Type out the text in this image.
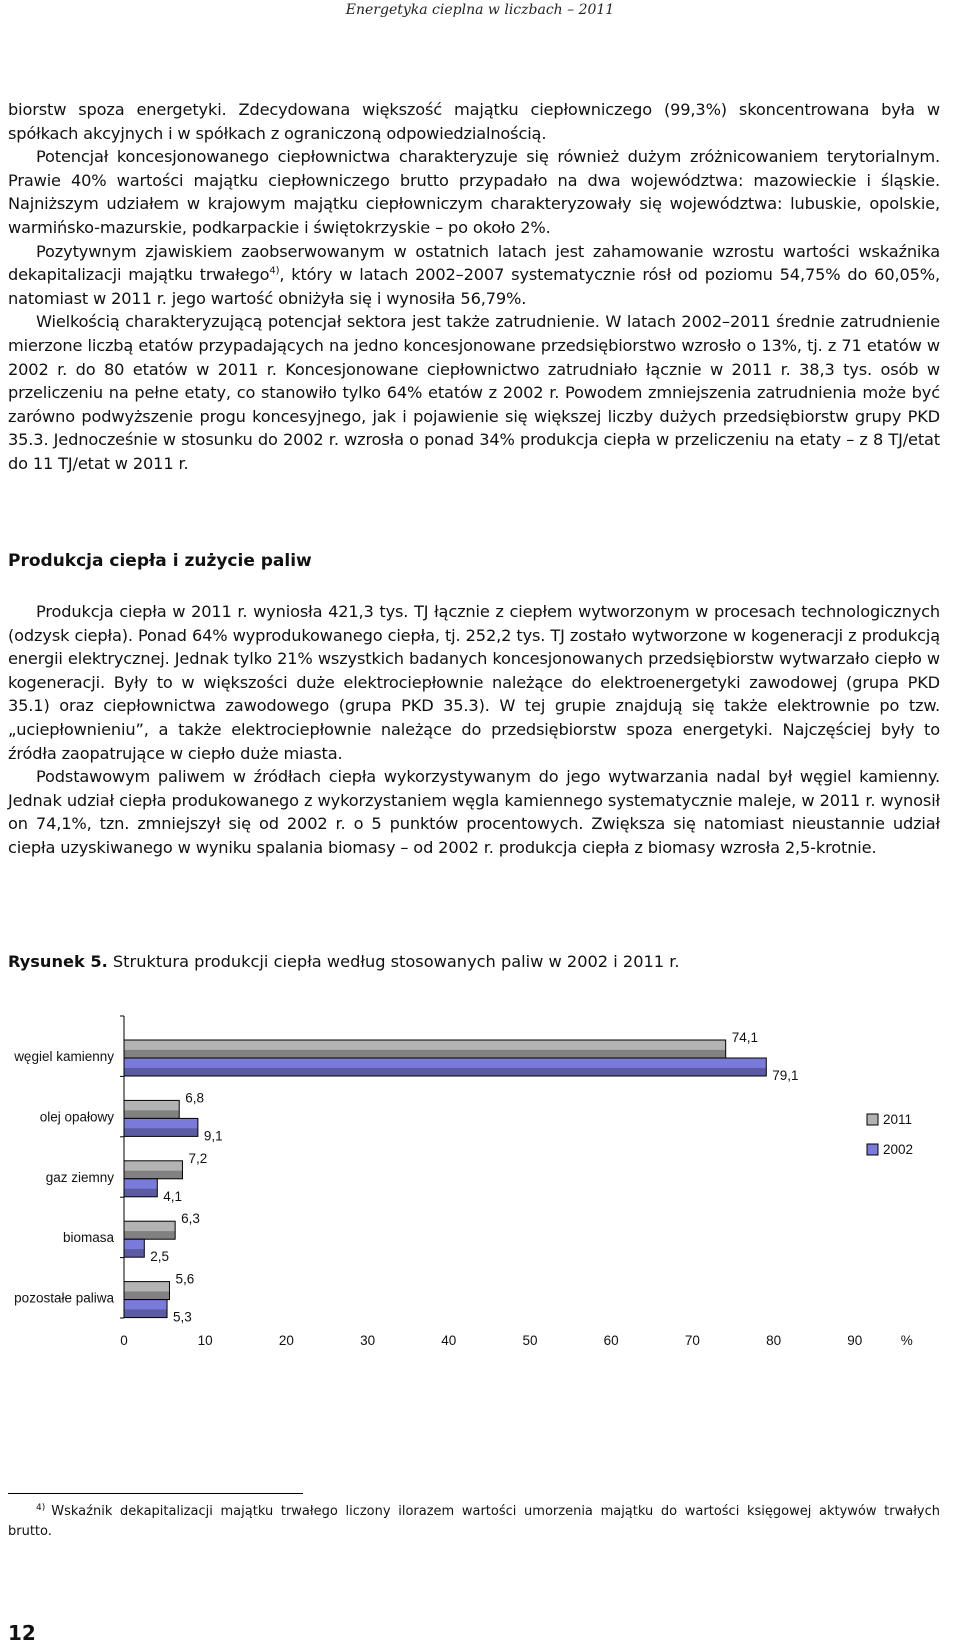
Energetyka cieplna w liczbach – 2011

biorstw spoza energetyki. Zdecydowana większość majątku ciepłowniczego (99,3%) skoncentrowana była w spółkach akcyjnych i w spółkach z ograniczoną odpowiedzialnością.

Potencjał koncesjonowanego ciepłownictwa charakteryzuje się również dużym zróżnicowaniem terytorialnym. Prawie 40% wartości majątku ciepłowniczego brutto przypadało na dwa województwa: mazowieckie i śląskie. Najniższym udziałem w krajowym majątku ciepłowniczym charakteryzowały się województwa: lubuskie, opolskie, warmińsko-mazurskie, podkarpackie i świętokrzyskie – po około 2%.

Pozytywnym zjawiskiem zaobserwowanym w ostatnich latach jest zahamowanie wzrostu wartości wskaźnika dekapitalizacji majątku trwałego$^{4)}$, który w latach 2002–2007 systematycznie rósł od poziomu 54,75% do 60,05%, natomiast w 2011 r. jego wartość obniżyła się i wynosiła 56,79%.

Wielkością charakteryzującą potencjał sektora jest także zatrudnienie. W latach 2002–2011 średnie zatrudnienie mierzone liczbą etatów przypadających na jedno koncesjonowane przedsiębiorstwo wzrosło o 13%, tj. z 71 etatów w 2002 r. do 80 etatów w 2011 r. Koncesjonowane ciepłownictwo zatrudniało łącznie w 2011 r. 38,3 tys. osób w przeliczeniu na pełne etaty, co stanowiło tylko 64% etatów z 2002 r. Powodem zmniejszenia zatrudnienia może być zarówno podwyższenie progu koncesyjnego, jak i pojawienie się większej liczby dużych przedsiębiorstw grupy PKD 35.3. Jednocześnie w stosunku do 2002 r. wzrosła o ponad 34% produkcja ciepła w przeliczeniu na etaty – z 8 TJ/etat do 11 TJ/etat w 2011 r.

Produkcja ciepła i zużycie paliw

Produkcja ciepła w 2011 r. wyniosła 421,3 tys. TJ łącznie z ciepłem wytworzonym w procesach technologicznych (odzysk ciepła). Ponad 64% wyprodukowanego ciepła, tj. 252,2 tys. TJ zostało wytworzone w kogeneracji z produkcją energii elektrycznej. Jednak tylko 21% wszystkich badanych koncesjonowanych przedsiębiorstw wytwarzało ciepło w kogeneracji. Były to w większości duże elektrociepłownie należące do elektroenergetyki zawodowej (grupa PKD 35.1) oraz ciepłownictwa zawodowego (grupa PKD 35.3). W tej grupie znajdują się także elektrownie po tzw. „uciepłownieniu”, a także elektrociepłownie należące do przedsiębiorstw spoza energetyki. Najczęściej były to źródła zaopatrujące w ciepło duże miasta.

Podstawowym paliwem w źródłach ciepła wykorzystywanym do jego wytwarzania nadal był węgiel kamienny. Jednak udział ciepła produkowanego z wykorzystaniem węgla kamiennego systematycznie maleje, w 2011 r. wynosił on 74,1%, tzn. zmniejszył się od 2002 r. o 5 punktów procentowych. Zwiększa się natomiast nieustannie udział ciepła uzyskiwanego w wyniku spalania biomasy – od 2002 r. produkcja ciepła z biomasy wzrosła 2,5-krotnie.

Rysunek 5. Struktura produkcji ciepła według stosowanych paliw w 2002 i 2011 r.

węgiel kamienny
74,1
79,1
olej opałowy
6,8
9,1
gaz ziemny
7,2
4,1
biomasa
6,3
2,5
pozostałe paliwa
5,6
5,3
0	10	20	30	40	50	60	70	80	90	%
2011
2002

$^{4)}$ Wskaźnik dekapitalizacji majątku trwałego liczony ilorazem wartości umorzenia majątku do wartości księgowej aktywów trwałych brutto.

12
